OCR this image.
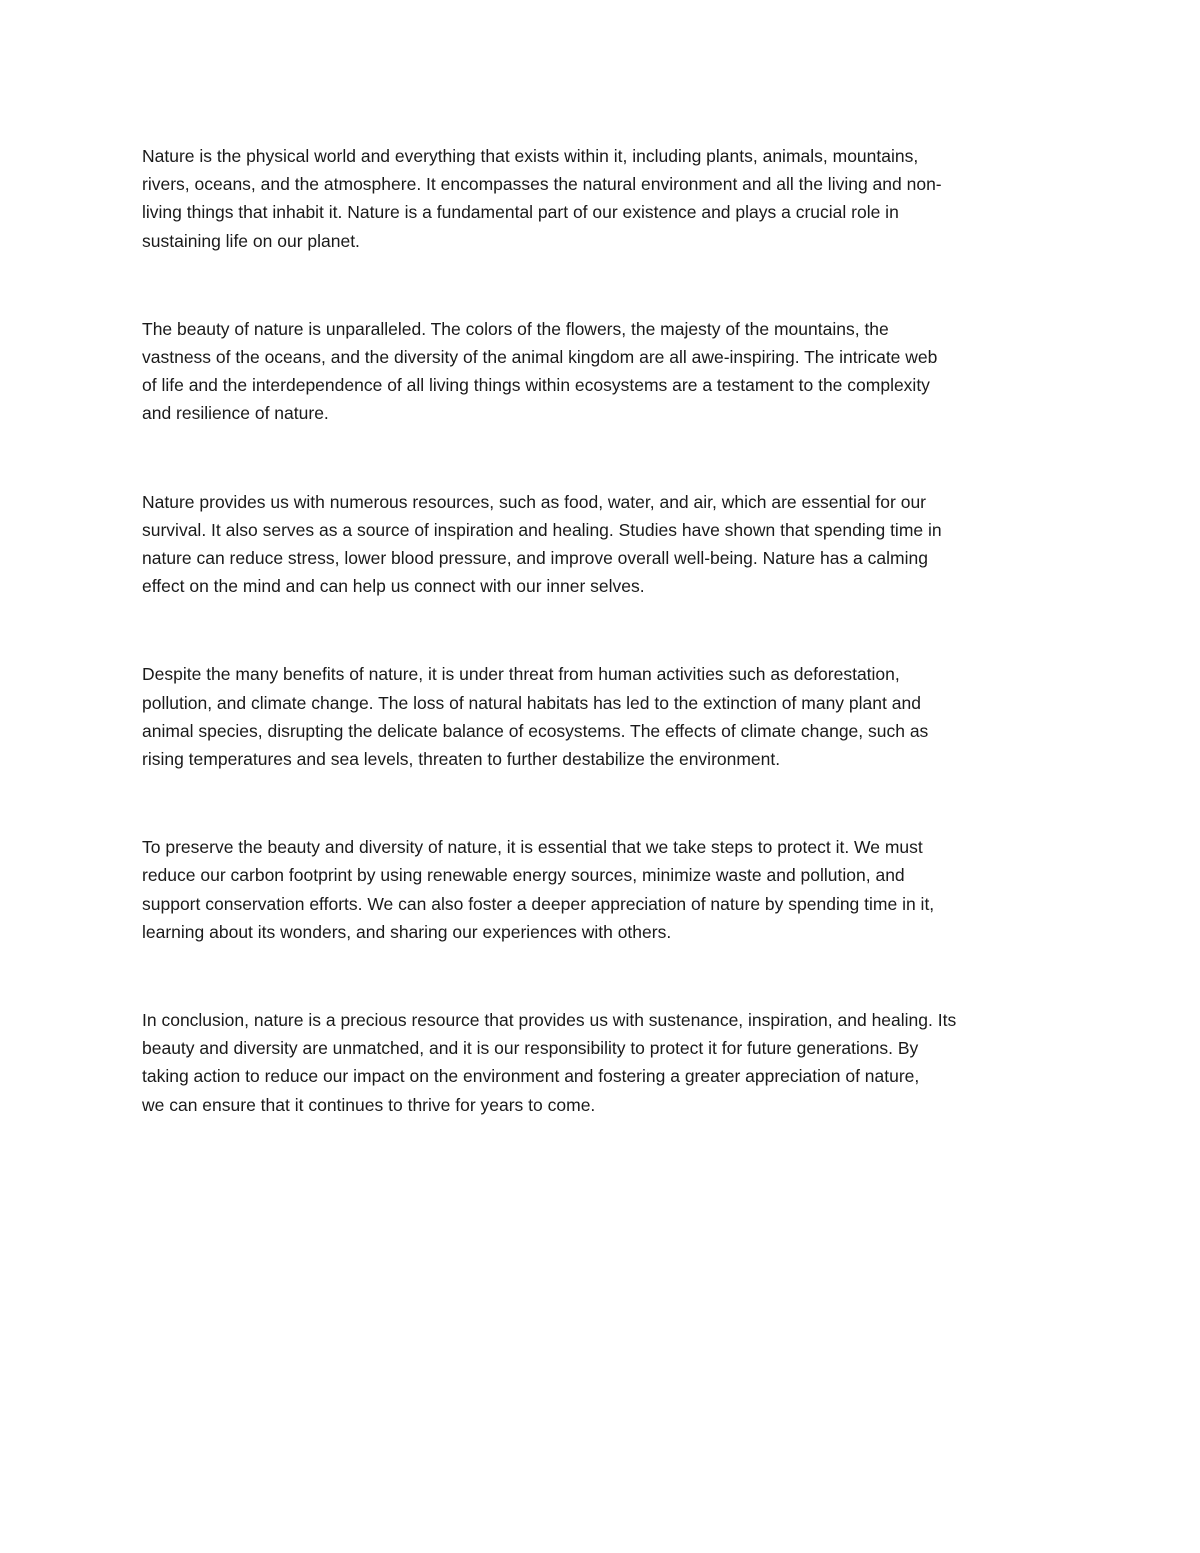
Nature is the physical world and everything that exists within it, including plants, animals, mountains,
rivers, oceans, and the atmosphere. It encompasses the natural environment and all the living and non-
living things that inhabit it. Nature is a fundamental part of our existence and plays a crucial role in
sustaining life on our planet.

The beauty of nature is unparalleled. The colors of the flowers, the majesty of the mountains, the
vastness of the oceans, and the diversity of the animal kingdom are all awe-inspiring. The intricate web
of life and the interdependence of all living things within ecosystems are a testament to the complexity
and resilience of nature.

Nature provides us with numerous resources, such as food, water, and air, which are essential for our
survival. It also serves as a source of inspiration and healing. Studies have shown that spending time in
nature can reduce stress, lower blood pressure, and improve overall well-being. Nature has a calming
effect on the mind and can help us connect with our inner selves.

Despite the many benefits of nature, it is under threat from human activities such as deforestation,
pollution, and climate change. The loss of natural habitats has led to the extinction of many plant and
animal species, disrupting the delicate balance of ecosystems. The effects of climate change, such as
rising temperatures and sea levels, threaten to further destabilize the environment.

To preserve the beauty and diversity of nature, it is essential that we take steps to protect it. We must
reduce our carbon footprint by using renewable energy sources, minimize waste and pollution, and
support conservation efforts. We can also foster a deeper appreciation of nature by spending time in it,
learning about its wonders, and sharing our experiences with others.

In conclusion, nature is a precious resource that provides us with sustenance, inspiration, and healing. Its
beauty and diversity are unmatched, and it is our responsibility to protect it for future generations. By
taking action to reduce our impact on the environment and fostering a greater appreciation of nature,
we can ensure that it continues to thrive for years to come.
